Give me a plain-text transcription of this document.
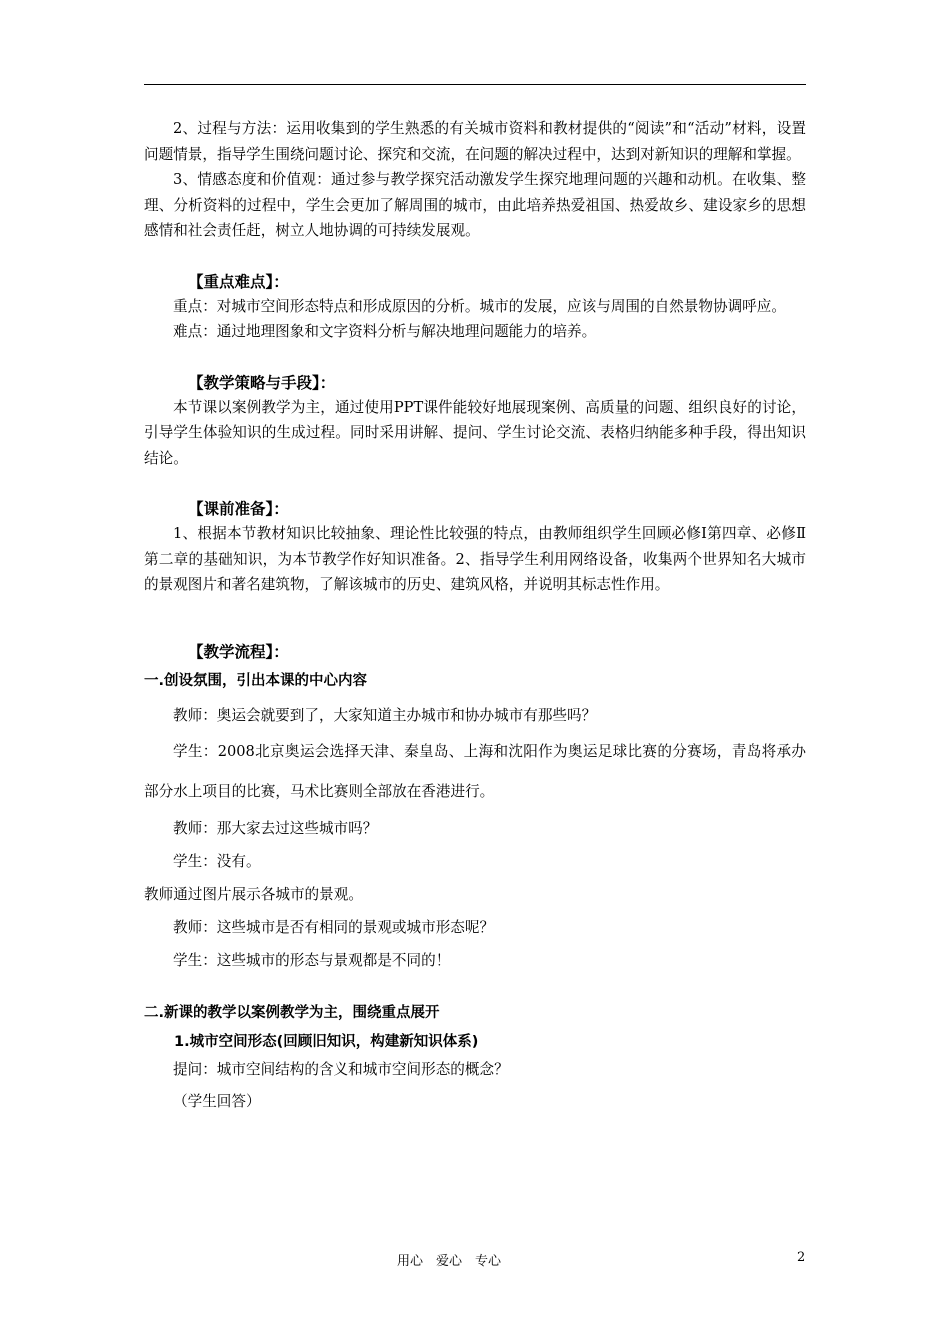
2、过程与方法：运用收集到的学生熟悉的有关城市资料和教材提供的“阅读”和“活动”材料，设置问题情景，指导学生围绕问题讨论、探究和交流，在问题的解决过程中，达到对新知识的理解和掌握。

3、情感态度和价值观：通过参与教学探究活动激发学生探究地理问题的兴趣和动机。在收集、整理、分析资料的过程中，学生会更加了解周围的城市，由此培养热爱祖国、热爱故乡、建设家乡的思想感情和社会责任赶，树立人地协调的可持续发展观。

【重点难点】：

重点：对城市空间形态特点和形成原因的分析。城市的发展，应该与周围的自然景物协调呼应。

难点：通过地理图象和文字资料分析与解决地理问题能力的培养。

【教学策略与手段】：

本节课以案例教学为主，通过使用PPT课件能较好地展现案例、高质量的问题、组织良好的讨论，引导学生体验知识的生成过程。同时采用讲解、提问、学生讨论交流、表格归纳能多种手段，得出知识结论。

【课前准备】：

1、根据本节教材知识比较抽象、理论性比较强的特点，由教师组织学生回顾必修Ⅰ第四章、必修Ⅱ第二章的基础知识，为本节教学作好知识准备。2、指导学生利用网络设备，收集两个世界知名大城市的景观图片和著名建筑物，了解该城市的历史、建筑风格，并说明其标志性作用。

【教学流程】：

一.创设氛围，引出本课的中心内容

教师：奥运会就要到了，大家知道主办城市和协办城市有那些吗？

学生：2008北京奥运会选择天津、秦皇岛、上海和沈阳作为奥运足球比赛的分赛场，青岛将承办部分水上项目的比赛，马术比赛则全部放在香港进行。

教师：那大家去过这些城市吗？

学生：没有。

教师通过图片展示各城市的景观。

教师：这些城市是否有相同的景观或城市形态呢？

学生：这些城市的形态与景观都是不同的！

二.新课的教学以案例教学为主，围绕重点展开

1.城市空间形态(回顾旧知识，构建新知识体系)

提问：城市空间结构的含义和城市空间形态的概念？

（学生回答）

用心　爱心　专心	2
